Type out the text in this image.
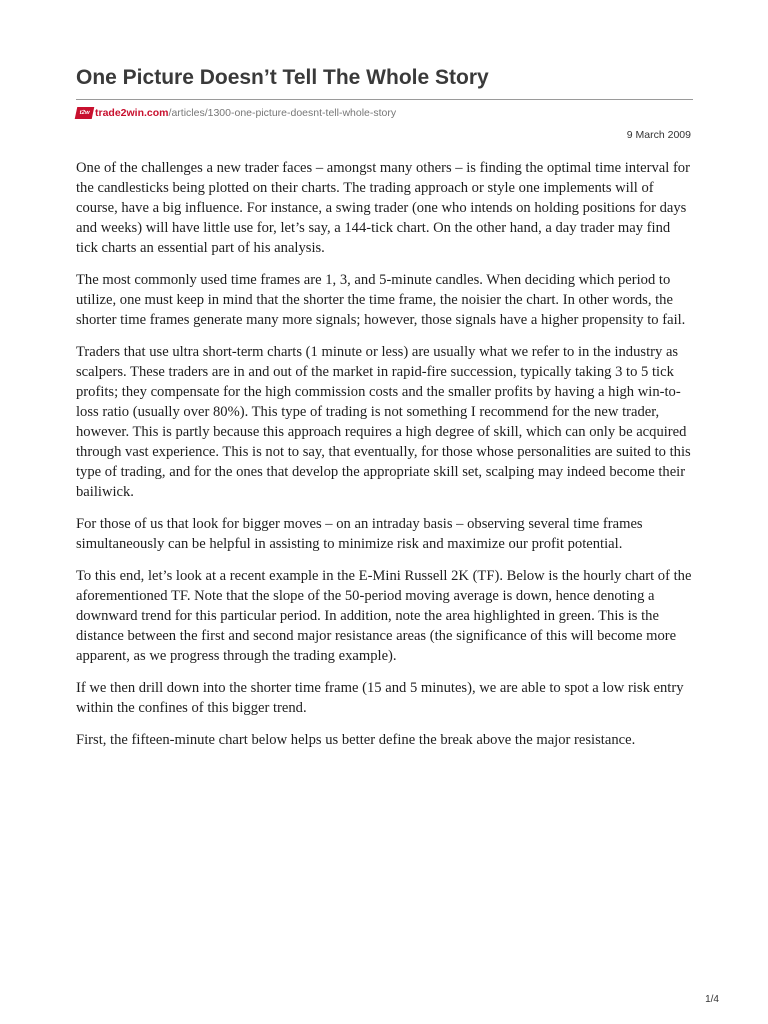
One Picture Doesn’t Tell The Whole Story
t2w trade2win.com /articles/1300-one-picture-doesnt-tell-whole-story
9 March 2009

One of the challenges a new trader faces – amongst many others – is finding the optimal time interval for the candlesticks being plotted on their charts. The trading approach or style one implements will of course, have a big influence. For instance, a swing trader (one who intends on holding positions for days and weeks) will have little use for, let’s say, a 144-tick chart. On the other hand, a day trader may find tick charts an essential part of his analysis.

The most commonly used time frames are 1, 3, and 5-minute candles. When deciding which period to utilize, one must keep in mind that the shorter the time frame, the noisier the chart. In other words, the shorter time frames generate many more signals; however, those signals have a higher propensity to fail.

Traders that use ultra short-term charts (1 minute or less) are usually what we refer to in the industry as scalpers. These traders are in and out of the market in rapid-fire succession, typically taking 3 to 5 tick profits; they compensate for the high commission costs and the smaller profits by having a high win-to-loss ratio (usually over 80%). This type of trading is not something I recommend for the new trader, however. This is partly because this approach requires a high degree of skill, which can only be acquired through vast experience. This is not to say, that eventually, for those whose personalities are suited to this type of trading, and for the ones that develop the appropriate skill set, scalping may indeed become their bailiwick.

For those of us that look for bigger moves – on an intraday basis – observing several time frames simultaneously can be helpful in assisting to minimize risk and maximize our profit potential.

To this end, let’s look at a recent example in the E-Mini Russell 2K (TF). Below is the hourly chart of the aforementioned TF. Note that the slope of the 50-period moving average is down, hence denoting a downward trend for this particular period. In addition, note the area highlighted in green. This is the distance between the first and second major resistance areas (the significance of this will become more apparent, as we progress through the trading example).

If we then drill down into the shorter time frame (15 and 5 minutes), we are able to spot a low risk entry within the confines of this bigger trend.

First, the fifteen-minute chart below helps us better define the break above the major resistance.

1/4
